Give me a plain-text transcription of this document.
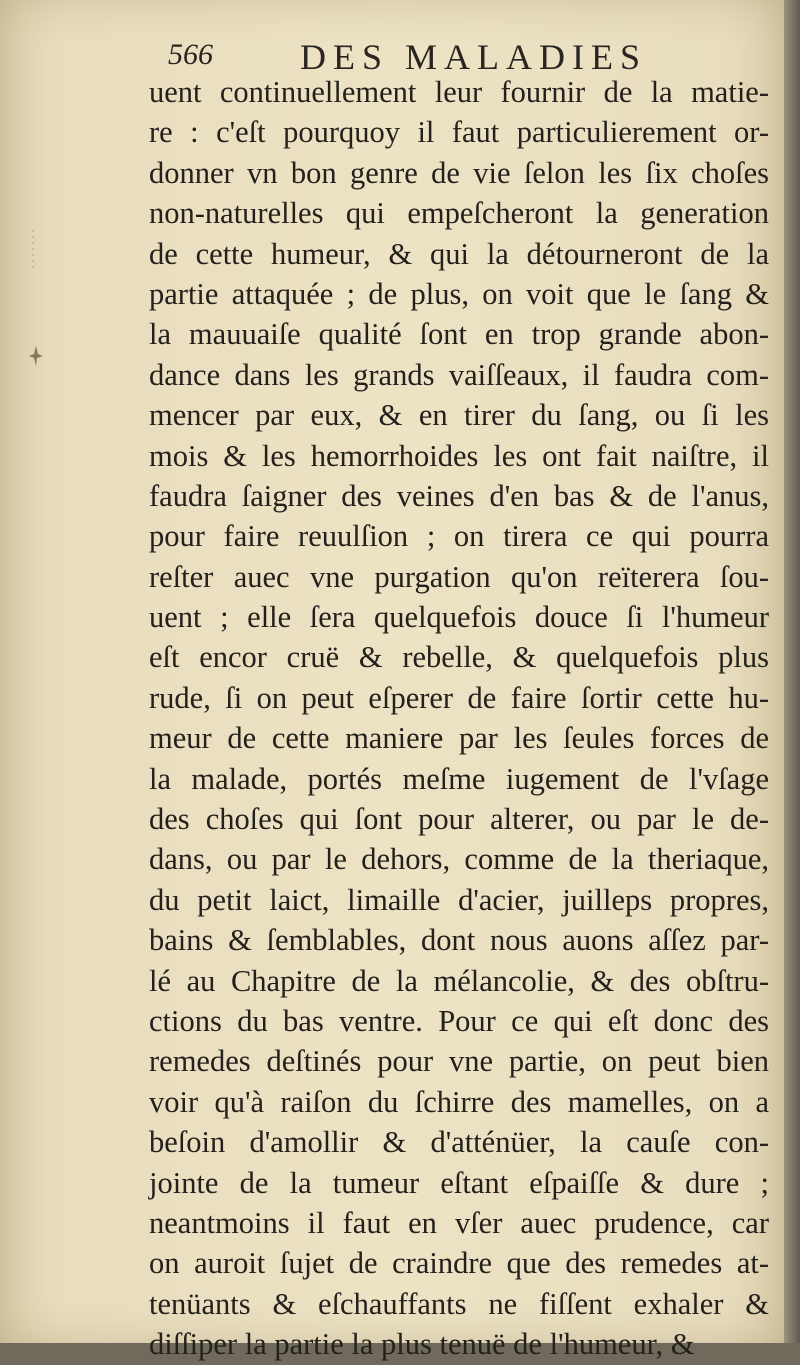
566 DES MALADIES
uent continuellement leur fournir de la matie-
re : c'eſt pourquoy il faut particulierement or-
donner vn bon genre de vie ſelon les ſix choſes
non-naturelles qui empeſcheront la generation
de cette humeur, & qui la détourneront de la
partie attaquée ; de plus, on voit que le ſang &
la mauuaiſe qualité ſont en trop grande abon-
dance dans les grands vaiſſeaux, il faudra com-
mencer par eux, & en tirer du ſang, ou ſi les
mois & les hemorrhoides les ont fait naiſtre, il
faudra ſaigner des veines d'en bas & de l'anus,
pour faire reuulſion ; on tirera ce qui pourra
reſter auec vne purgation qu'on reïterera ſou-
uent ; elle ſera quelquefois douce ſi l'humeur
eſt encor cruë & rebelle, & quelquefois plus
rude, ſi on peut eſperer de faire ſortir cette hu-
meur de cette maniere par les ſeules forces de
la malade, portés meſme iugement de l'vſage
des choſes qui ſont pour alterer, ou par le de-
dans, ou par le dehors, comme de la theriaque,
du petit laict, limaille d'acier, juilleps propres,
bains & ſemblables, dont nous auons aſſez par-
lé au Chapitre de la mélancolie, & des obſtru-
ctions du bas ventre. Pour ce qui eſt donc des
remedes deſtinés pour vne partie, on peut bien
voir qu'à raiſon du ſchirre des mamelles, on a
beſoin d'amollir & d'atténüer, la cauſe con-
jointe de la tumeur eſtant eſpaiſſe & dure ;
neantmoins il faut en vſer auec prudence, car
on auroit ſujet de craindre que des remedes at-
tenüants & eſchauffants ne fiſſent exhaler &
diſſiper la partie la plus tenuë de l'humeur, &
